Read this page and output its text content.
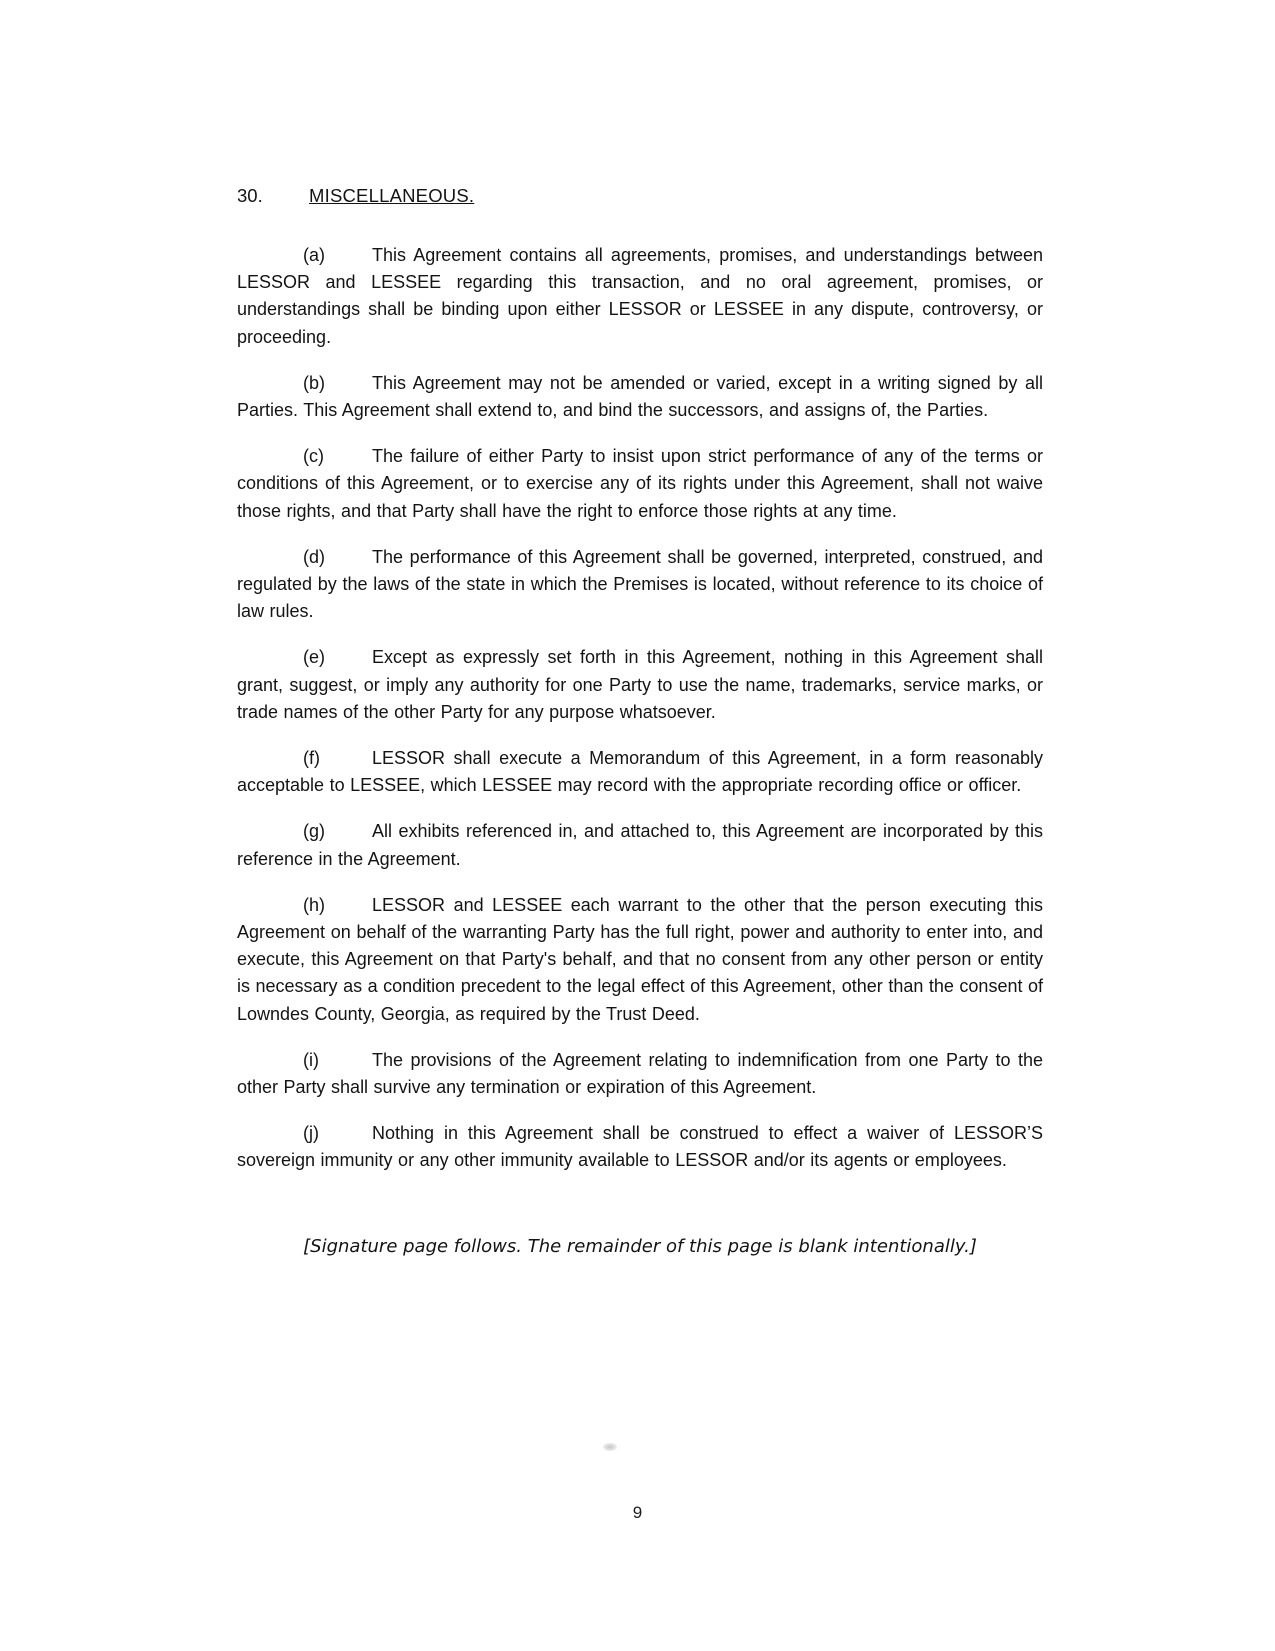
30.	MISCELLANEOUS.

(a)	This Agreement contains all agreements, promises, and understandings between LESSOR and LESSEE regarding this transaction, and no oral agreement, promises, or understandings shall be binding upon either LESSOR or LESSEE in any dispute, controversy, or proceeding.

(b)	This Agreement may not be amended or varied, except in a writing signed by all Parties. This Agreement shall extend to, and bind the successors, and assigns of, the Parties.

(c)	The failure of either Party to insist upon strict performance of any of the terms or conditions of this Agreement, or to exercise any of its rights under this Agreement, shall not waive those rights, and that Party shall have the right to enforce those rights at any time.

(d)	The performance of this Agreement shall be governed, interpreted, construed, and regulated by the laws of the state in which the Premises is located, without reference to its choice of law rules.

(e)	Except as expressly set forth in this Agreement, nothing in this Agreement shall grant, suggest, or imply any authority for one Party to use the name, trademarks, service marks, or trade names of the other Party for any purpose whatsoever.

(f)	LESSOR shall execute a Memorandum of this Agreement, in a form reasonably acceptable to LESSEE, which LESSEE may record with the appropriate recording office or officer.

(g)	All exhibits referenced in, and attached to, this Agreement are incorporated by this reference in the Agreement.

(h)	LESSOR and LESSEE each warrant to the other that the person executing this Agreement on behalf of the warranting Party has the full right, power and authority to enter into, and execute, this Agreement on that Party's behalf, and that no consent from any other person or entity is necessary as a condition precedent to the legal effect of this Agreement, other than the consent of Lowndes County, Georgia, as required by the Trust Deed.

(i)	The provisions of the Agreement relating to indemnification from one Party to the other Party shall survive any termination or expiration of this Agreement.

(j)	Nothing in this Agreement shall be construed to effect a waiver of LESSOR’S sovereign immunity or any other immunity available to LESSOR and/or its agents or employees.

[Signature page follows. The remainder of this page is blank intentionally.]

9
